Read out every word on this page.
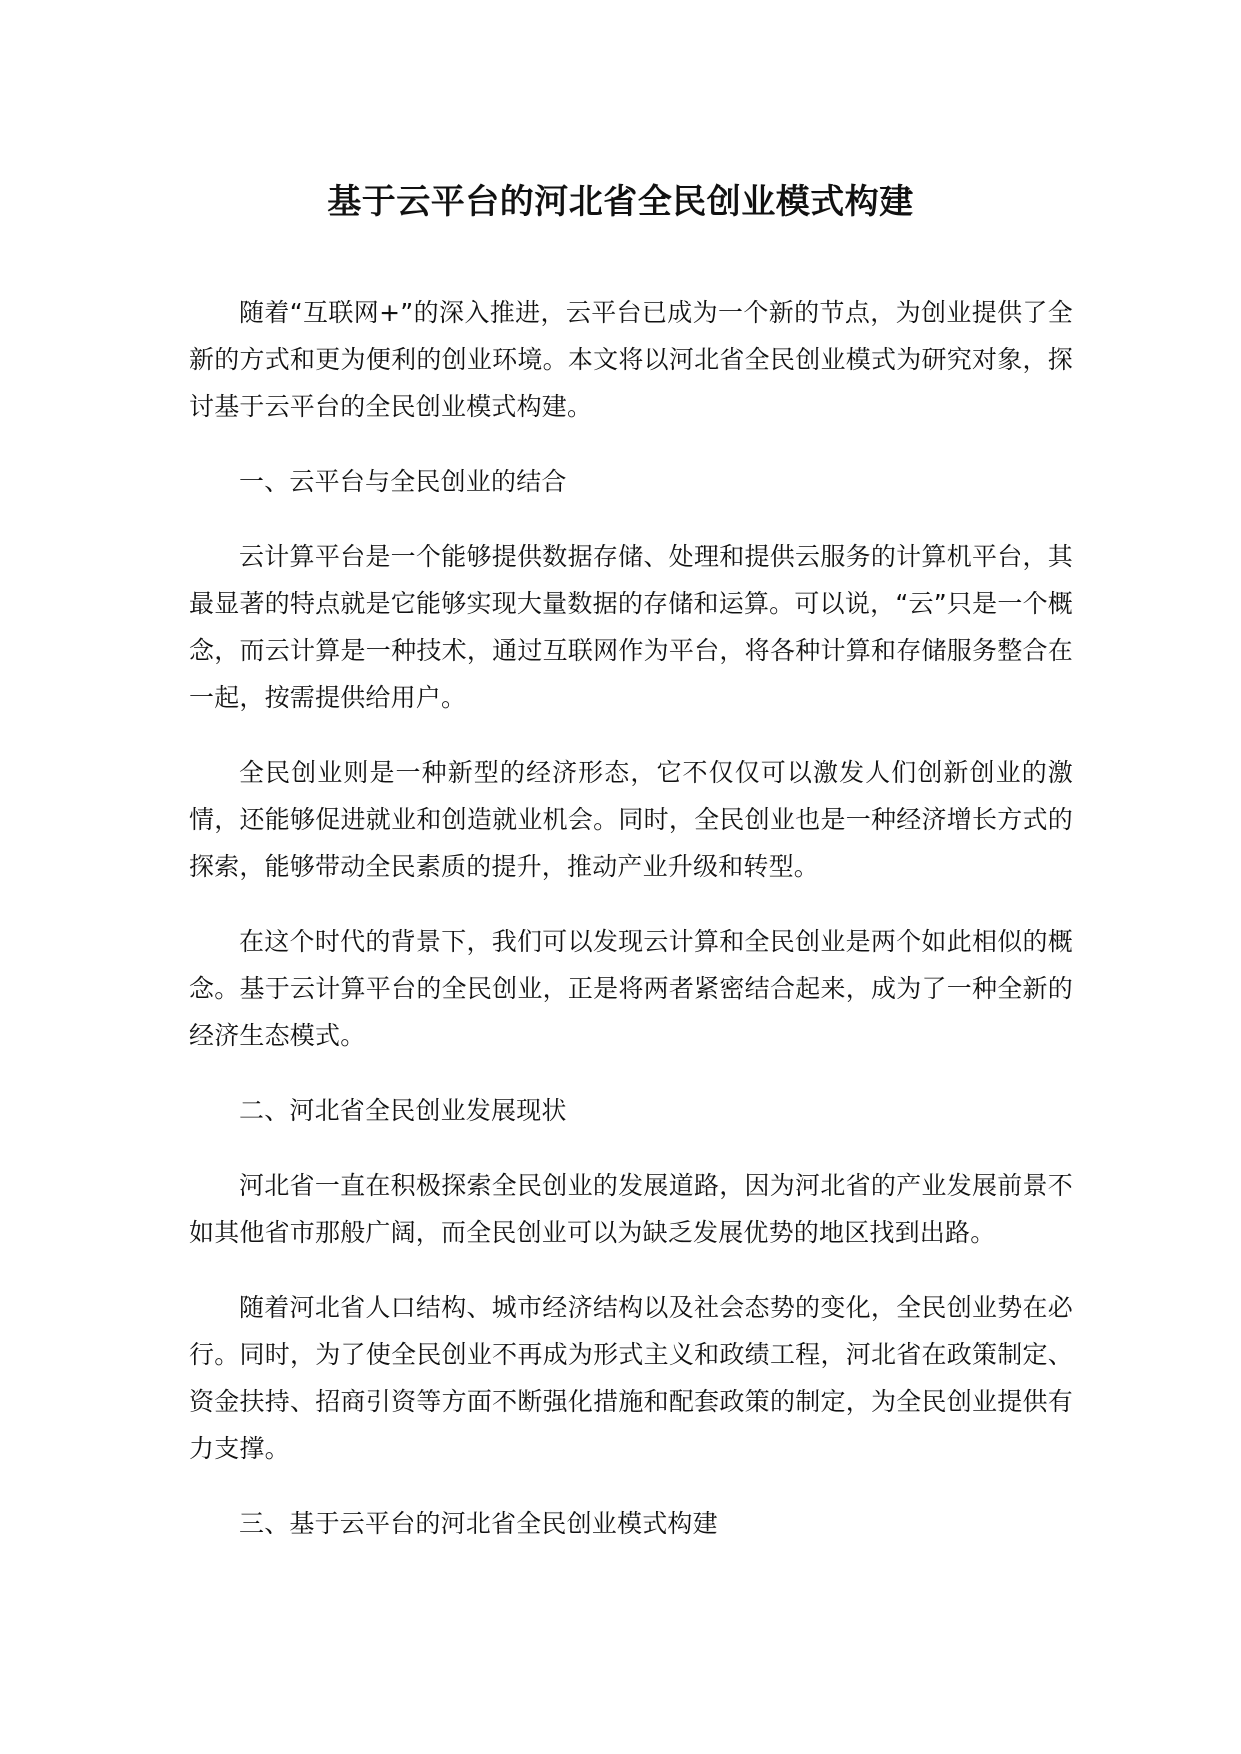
基于云平台的河北省全民创业模式构建

随着“互联网+”的深入推进，云平台已成为一个新的节点，为创业提供了全新的方式和更为便利的创业环境。本文将以河北省全民创业模式为研究对象，探讨基于云平台的全民创业模式构建。

一、云平台与全民创业的结合

云计算平台是一个能够提供数据存储、处理和提供云服务的计算机平台，其最显著的特点就是它能够实现大量数据的存储和运算。可以说，“云”只是一个概念，而云计算是一种技术，通过互联网作为平台，将各种计算和存储服务整合在一起，按需提供给用户。

全民创业则是一种新型的经济形态，它不仅仅可以激发人们创新创业的激情，还能够促进就业和创造就业机会。同时，全民创业也是一种经济增长方式的探索，能够带动全民素质的提升，推动产业升级和转型。

在这个时代的背景下，我们可以发现云计算和全民创业是两个如此相似的概念。基于云计算平台的全民创业，正是将两者紧密结合起来，成为了一种全新的经济生态模式。

二、河北省全民创业发展现状

河北省一直在积极探索全民创业的发展道路，因为河北省的产业发展前景不如其他省市那般广阔，而全民创业可以为缺乏发展优势的地区找到出路。

随着河北省人口结构、城市经济结构以及社会态势的变化，全民创业势在必行。同时，为了使全民创业不再成为形式主义和政绩工程，河北省在政策制定、资金扶持、招商引资等方面不断强化措施和配套政策的制定，为全民创业提供有力支撑。

三、基于云平台的河北省全民创业模式构建
